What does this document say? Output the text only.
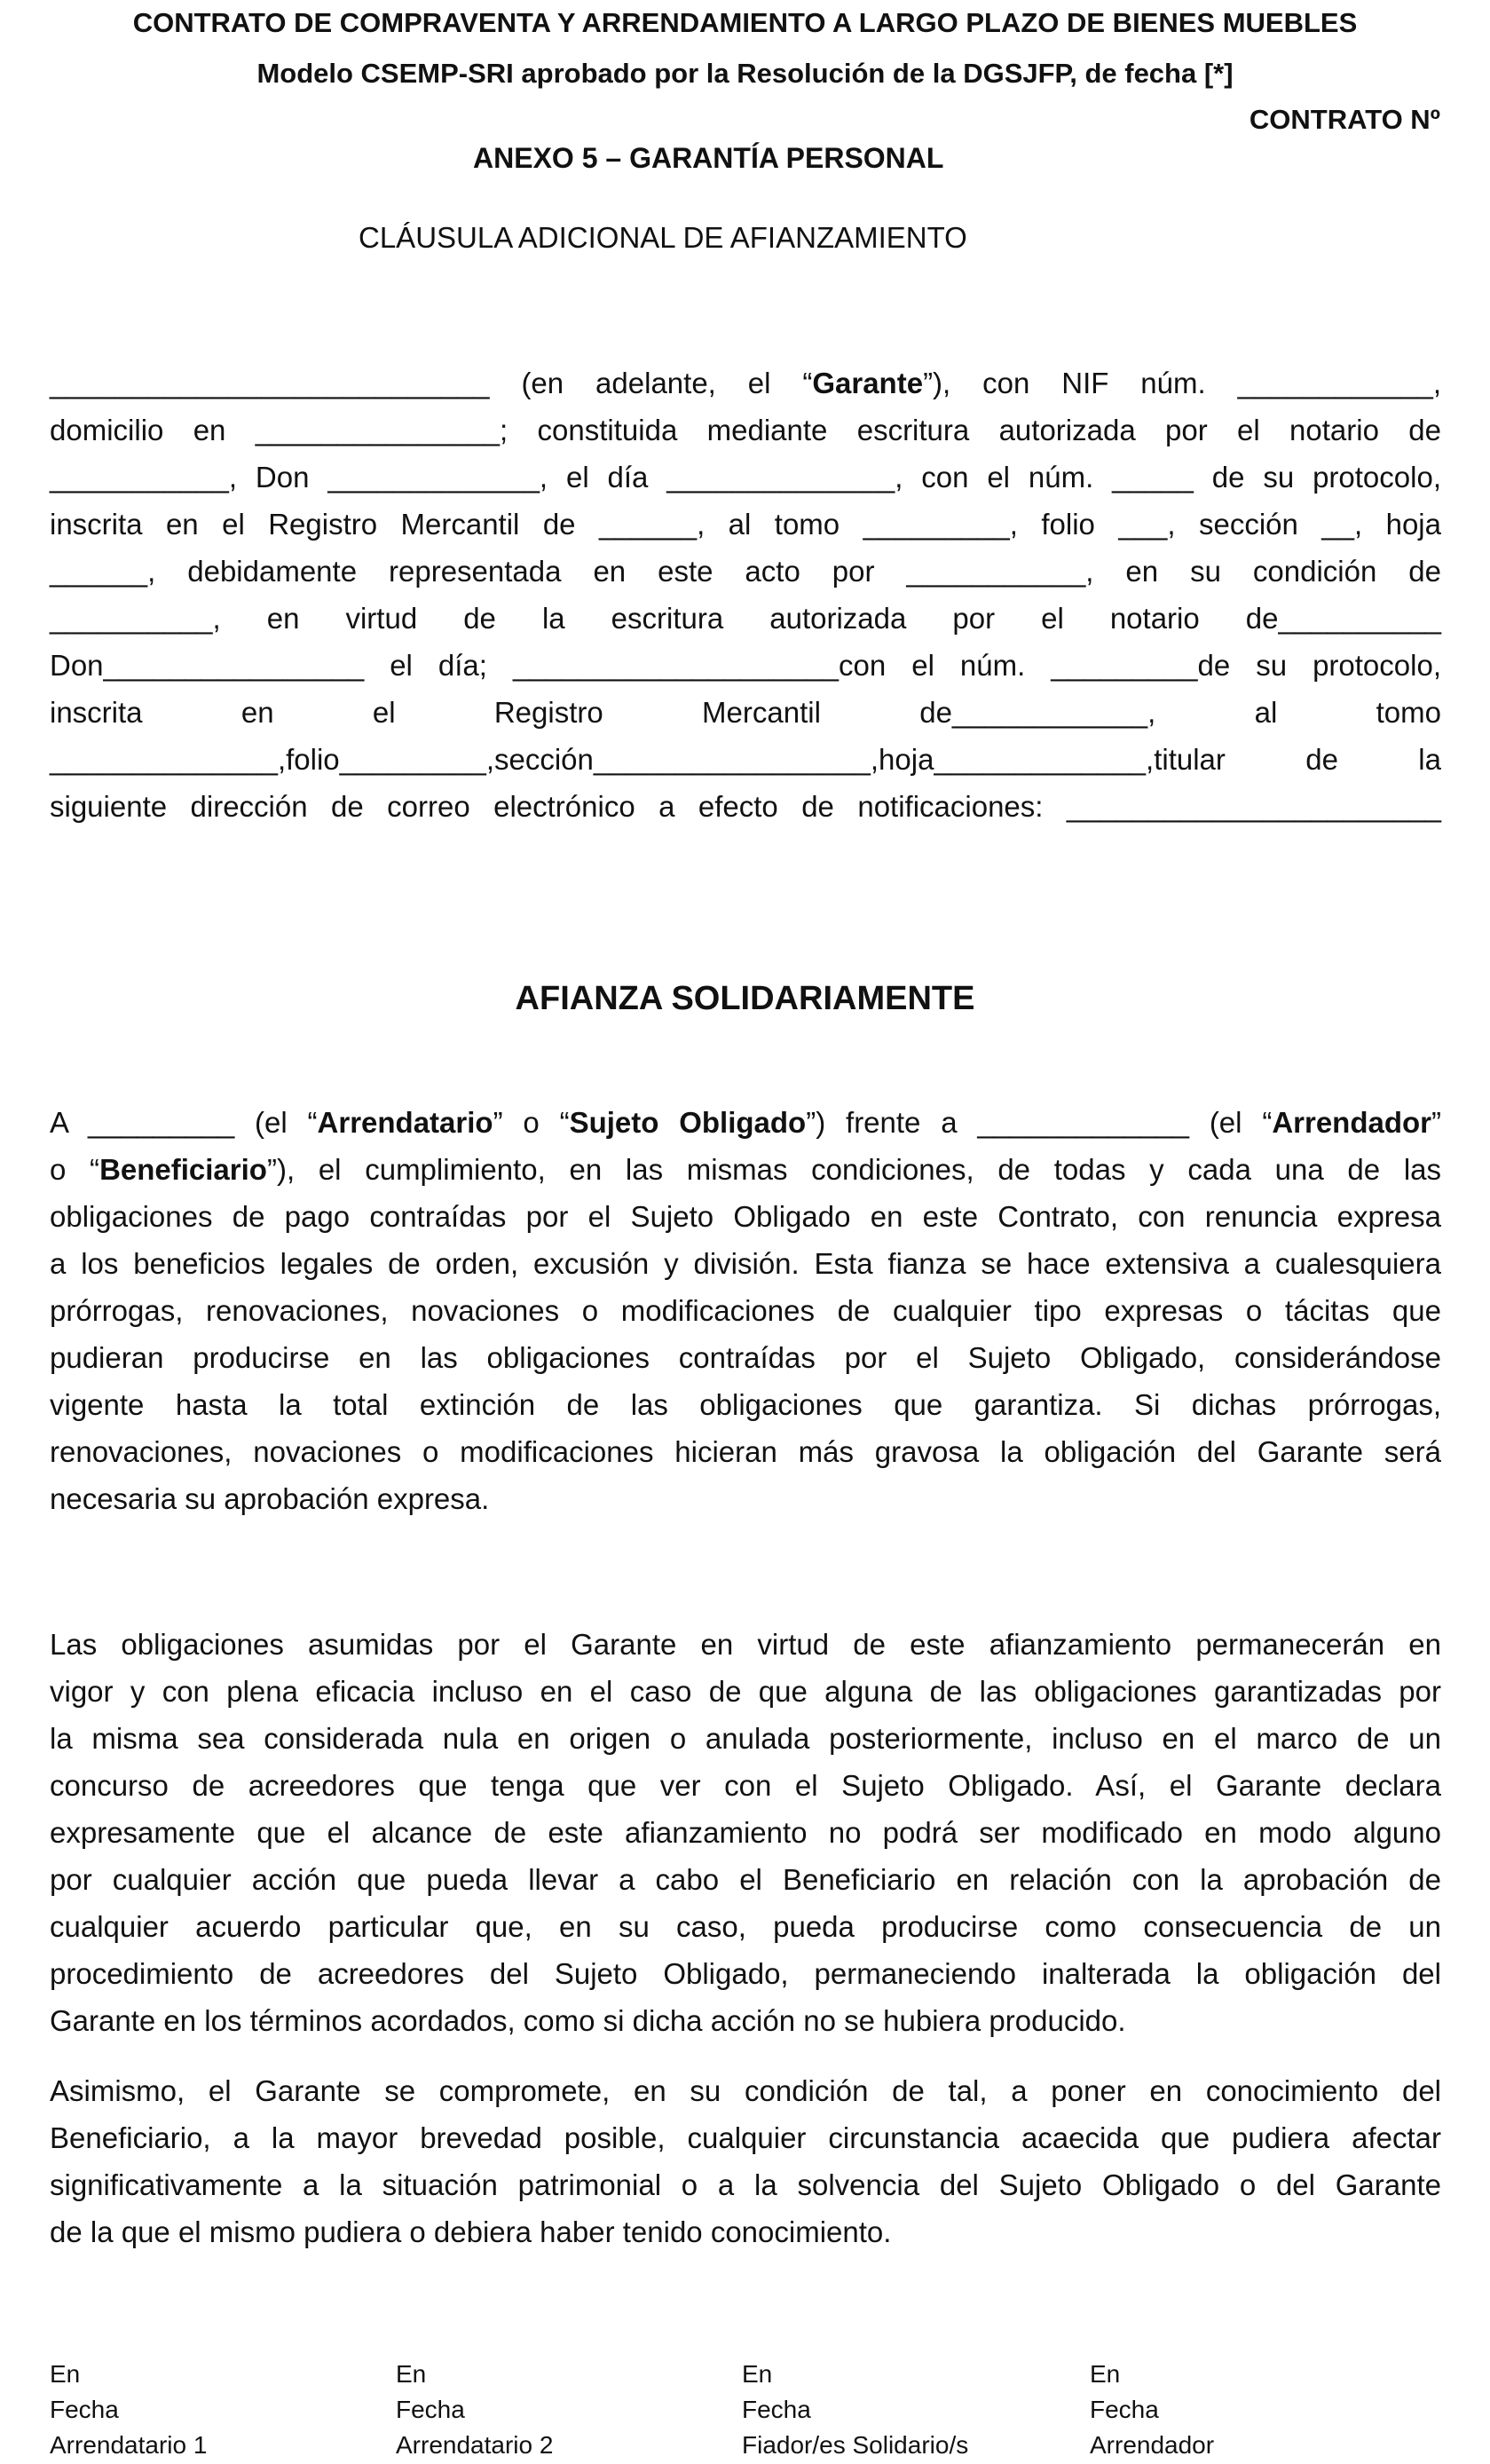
CONTRATO DE COMPRAVENTA Y ARRENDAMIENTO A LARGO PLAZO DE BIENES MUEBLES
Modelo CSEMP-SRI aprobado por la Resolución de la DGSJFP, de fecha [*]
CONTRATO Nº
ANEXO 5 – GARANTÍA PERSONAL
CLÁUSULA ADICIONAL DE AFIANZAMIENTO
___________________________ (en adelante, el “Garante”), con NIF núm. ____________,
domicilio en _______________; constituida mediante escritura autorizada por el notario de
___________, Don _____________, el día ______________, con el núm. _____ de su protocolo,
inscrita en el Registro Mercantil de ______, al tomo _________, folio ___, sección __, hoja
______, debidamente representada en este acto por ___________, en su condición de
__________, en virtud de la escritura autorizada por el notario de__________
Don________________ el día; ____________________con el núm. _________de su protocolo,
inscrita en el Registro Mercantil de____________, al tomo
______________,folio_________,sección_________________,hoja_____________,titular de la
siguiente dirección de correo electrónico a efecto de notificaciones: _______________________
AFIANZA SOLIDARIAMENTE
A _________ (el “Arrendatario” o “Sujeto Obligado”) frente a _____________ (el “Arrendador”
o “Beneficiario”), el cumplimiento, en las mismas condiciones, de todas y cada una de las
obligaciones de pago contraídas por el Sujeto Obligado en este Contrato, con renuncia expresa
a los beneficios legales de orden, excusión y división. Esta fianza se hace extensiva a cualesquiera
prórrogas, renovaciones, novaciones o modificaciones de cualquier tipo expresas o tácitas que
pudieran producirse en las obligaciones contraídas por el Sujeto Obligado, considerándose
vigente hasta la total extinción de las obligaciones que garantiza. Si dichas prórrogas,
renovaciones, novaciones o modificaciones hicieran más gravosa la obligación del Garante será
necesaria su aprobación expresa.
Las obligaciones asumidas por el Garante en virtud de este afianzamiento permanecerán en
vigor y con plena eficacia incluso en el caso de que alguna de las obligaciones garantizadas por
la misma sea considerada nula en origen o anulada posteriormente, incluso en el marco de un
concurso de acreedores que tenga que ver con el Sujeto Obligado. Así, el Garante declara
expresamente que el alcance de este afianzamiento no podrá ser modificado en modo alguno
por cualquier acción que pueda llevar a cabo el Beneficiario en relación con la aprobación de
cualquier acuerdo particular que, en su caso, pueda producirse como consecuencia de un
procedimiento de acreedores del Sujeto Obligado, permaneciendo inalterada la obligación del
Garante en los términos acordados, como si dicha acción no se hubiera producido.
Asimismo, el Garante se compromete, en su condición de tal, a poner en conocimiento del
Beneficiario, a la mayor brevedad posible, cualquier circunstancia acaecida que pudiera afectar
significativamente a la situación patrimonial o a la solvencia del Sujeto Obligado o del Garante
de la que el mismo pudiera o debiera haber tenido conocimiento.
En
Fecha
Arrendatario 1
En
Fecha
Arrendatario 2
En
Fecha
Fiador/es Solidario/s
En
Fecha
Arrendador
